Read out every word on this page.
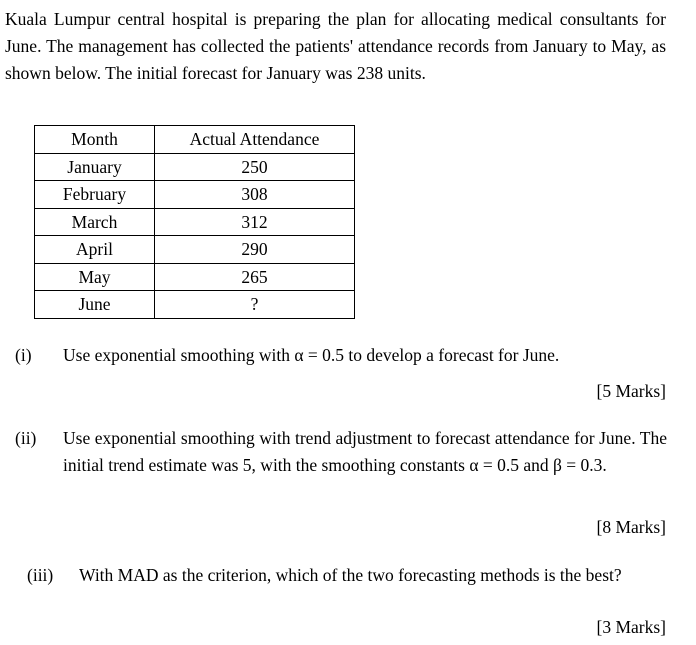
Kuala Lumpur central hospital is preparing the plan for allocating medical consultants for June. The management has collected the patients' attendance records from January to May, as shown below. The initial forecast for January was 238 units.
Month	Actual Attendance
January	250
February	308
March	312
April	290
May	265
June	?
(i) Use exponential smoothing with α = 0.5 to develop a forecast for June.
[5 Marks]
(ii) Use exponential smoothing with trend adjustment to forecast attendance for June. The initial trend estimate was 5, with the smoothing constants α = 0.5 and β = 0.3.
[8 Marks]
(iii)	With MAD as the criterion, which of the two forecasting methods is the best?
[3 Marks]
